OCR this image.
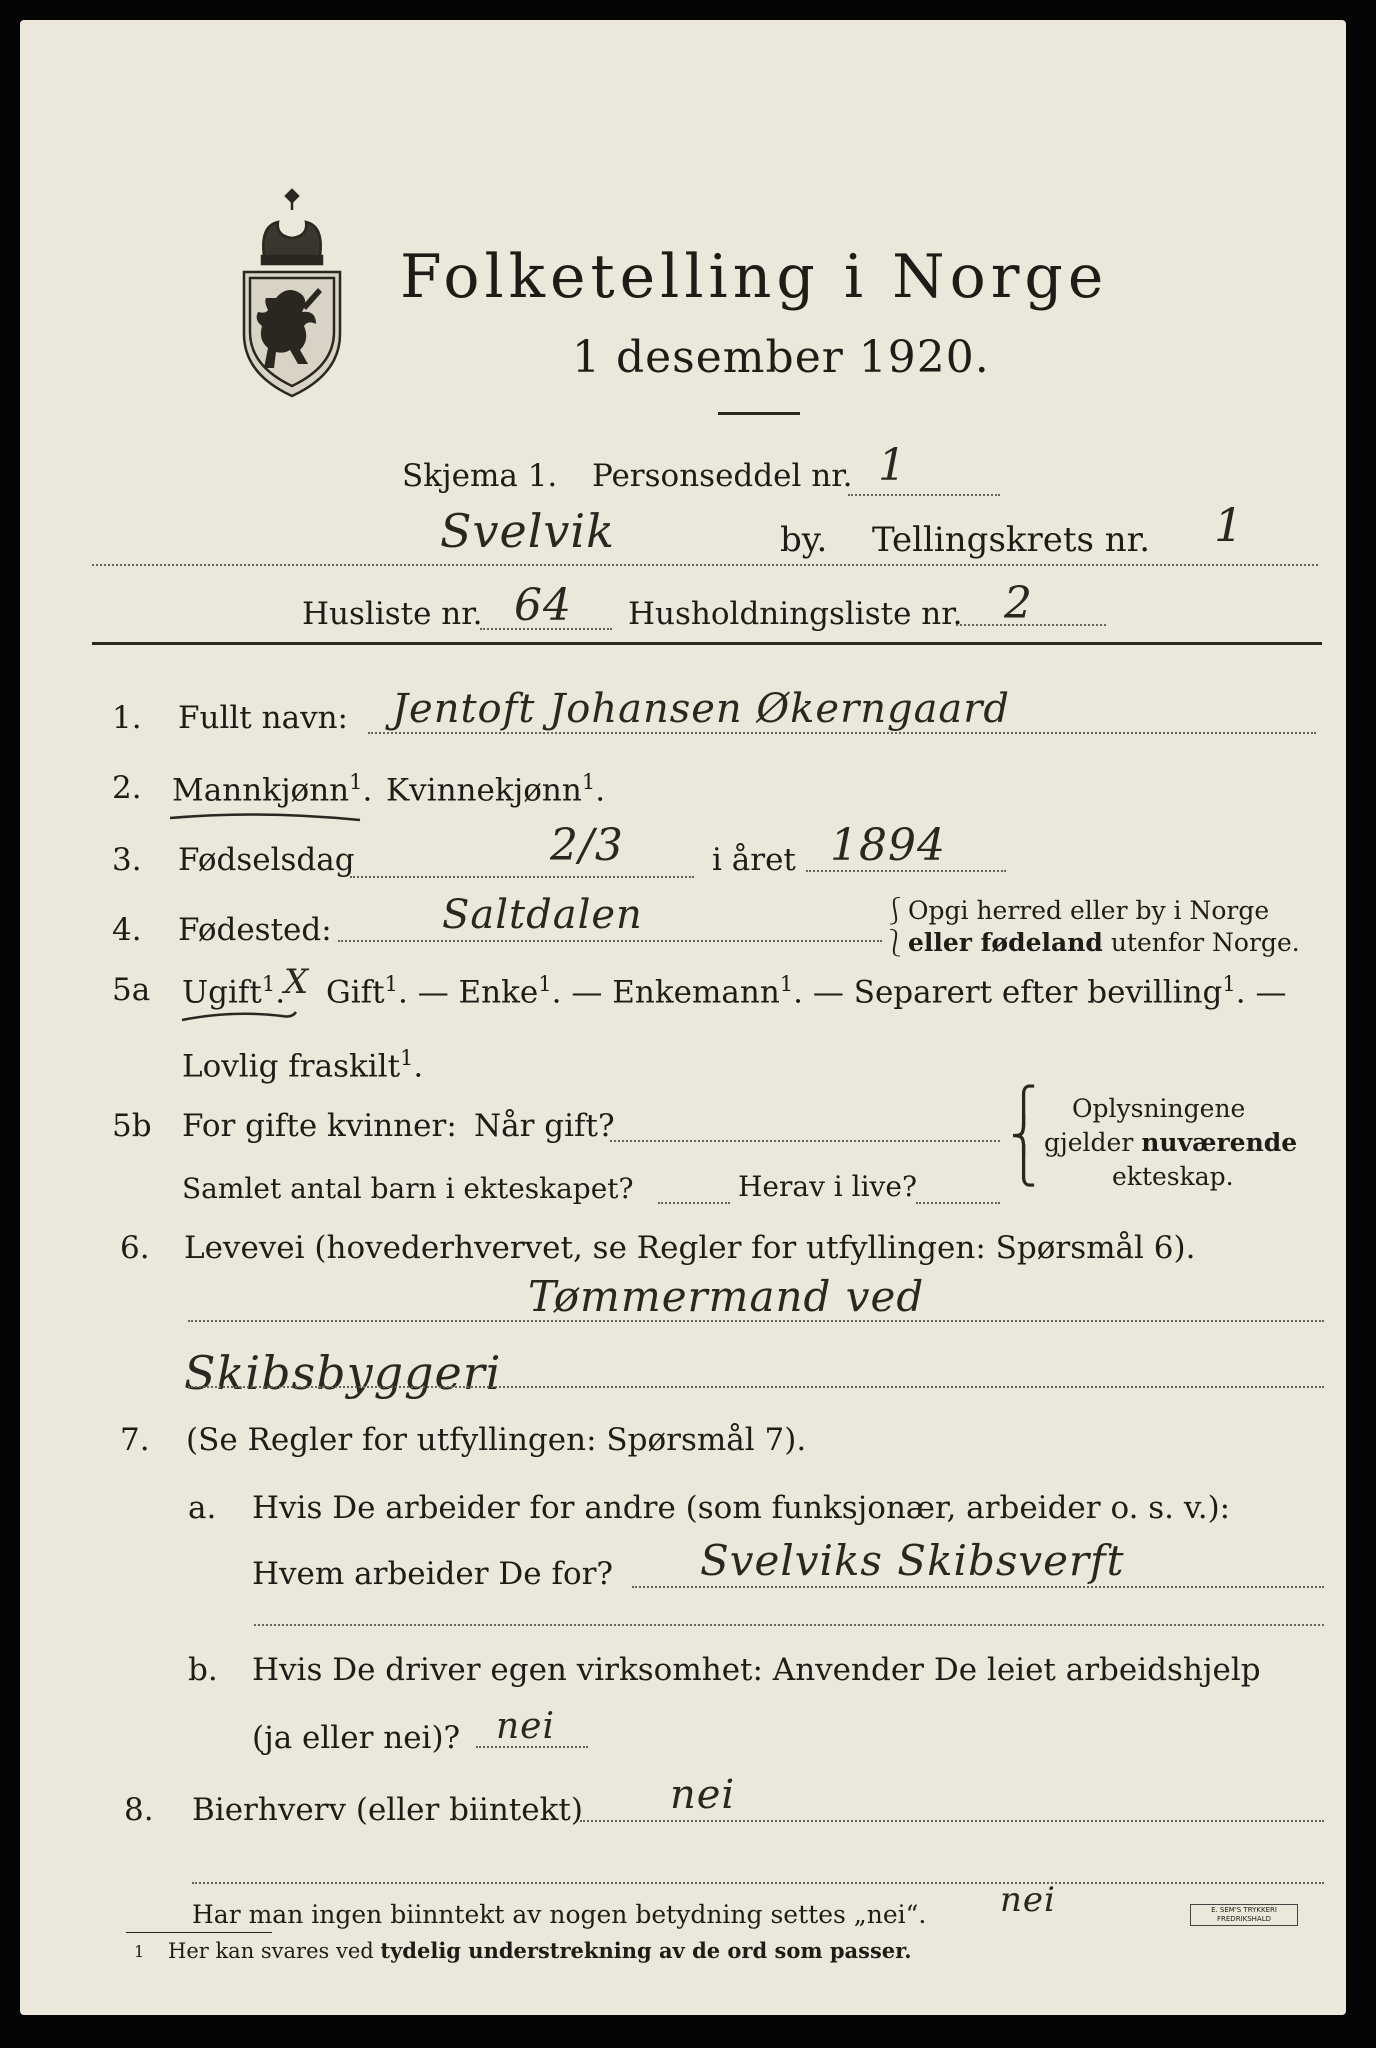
Folketelling i Norge
1 desember 1920.
Skjema 1. Personseddel nr. 1
Svelvik	by. Tellingskrets nr. 1
Husliste nr. 64 Husholdningsliste nr. 2
1. Fullt navn: Jentoft Johansen Økerngaard
2. Mannkjønn$^1$. Kvinnekjønn$^1$.
3. Fødselsdag	2/3	i året 1894
4. Fødested:	Saltdalen	⎰
⎱
Opgi herred eller by i Norge
eller fødeland utenfor Norge.
5a Ugift$^1$.
X Gift$^1$. — Enke$^1$. — Enkemann$^1$. — Separert efter bevilling$^1$. —
Lovlig fraskilt$^1$.
5b For gifte kvinner: Når gift?
Samlet antal barn i ekteskapet?	Herav i live?
⎧
⎨
⎩
Oplysningene
gjelder nuværende
ekteskap.
6. Levevei (hovederhvervet, se Regler for utfyllingen: Spørsmål 6).
Tømmermand ved
Skibsbyggeri
7. (Se Regler for utfyllingen: Spørsmål 7).
a. Hvis De arbeider for andre (som funksjonær, arbeider o. s. v.):
Hvem arbeider De for? Svelviks Skibsverft
b. Hvis De driver egen virksomhet: Anvender De leiet arbeidshjelp
(ja eller nei)? nei
8. Bierhverv (eller biintekt) nei
Har man ingen biinntekt av nogen betydning settes „nei“. nei
1 Her kan svares ved tydelig understrekning av de ord som passer.
E. SEM'S TRYKKERI
FREDRIKSHALD
